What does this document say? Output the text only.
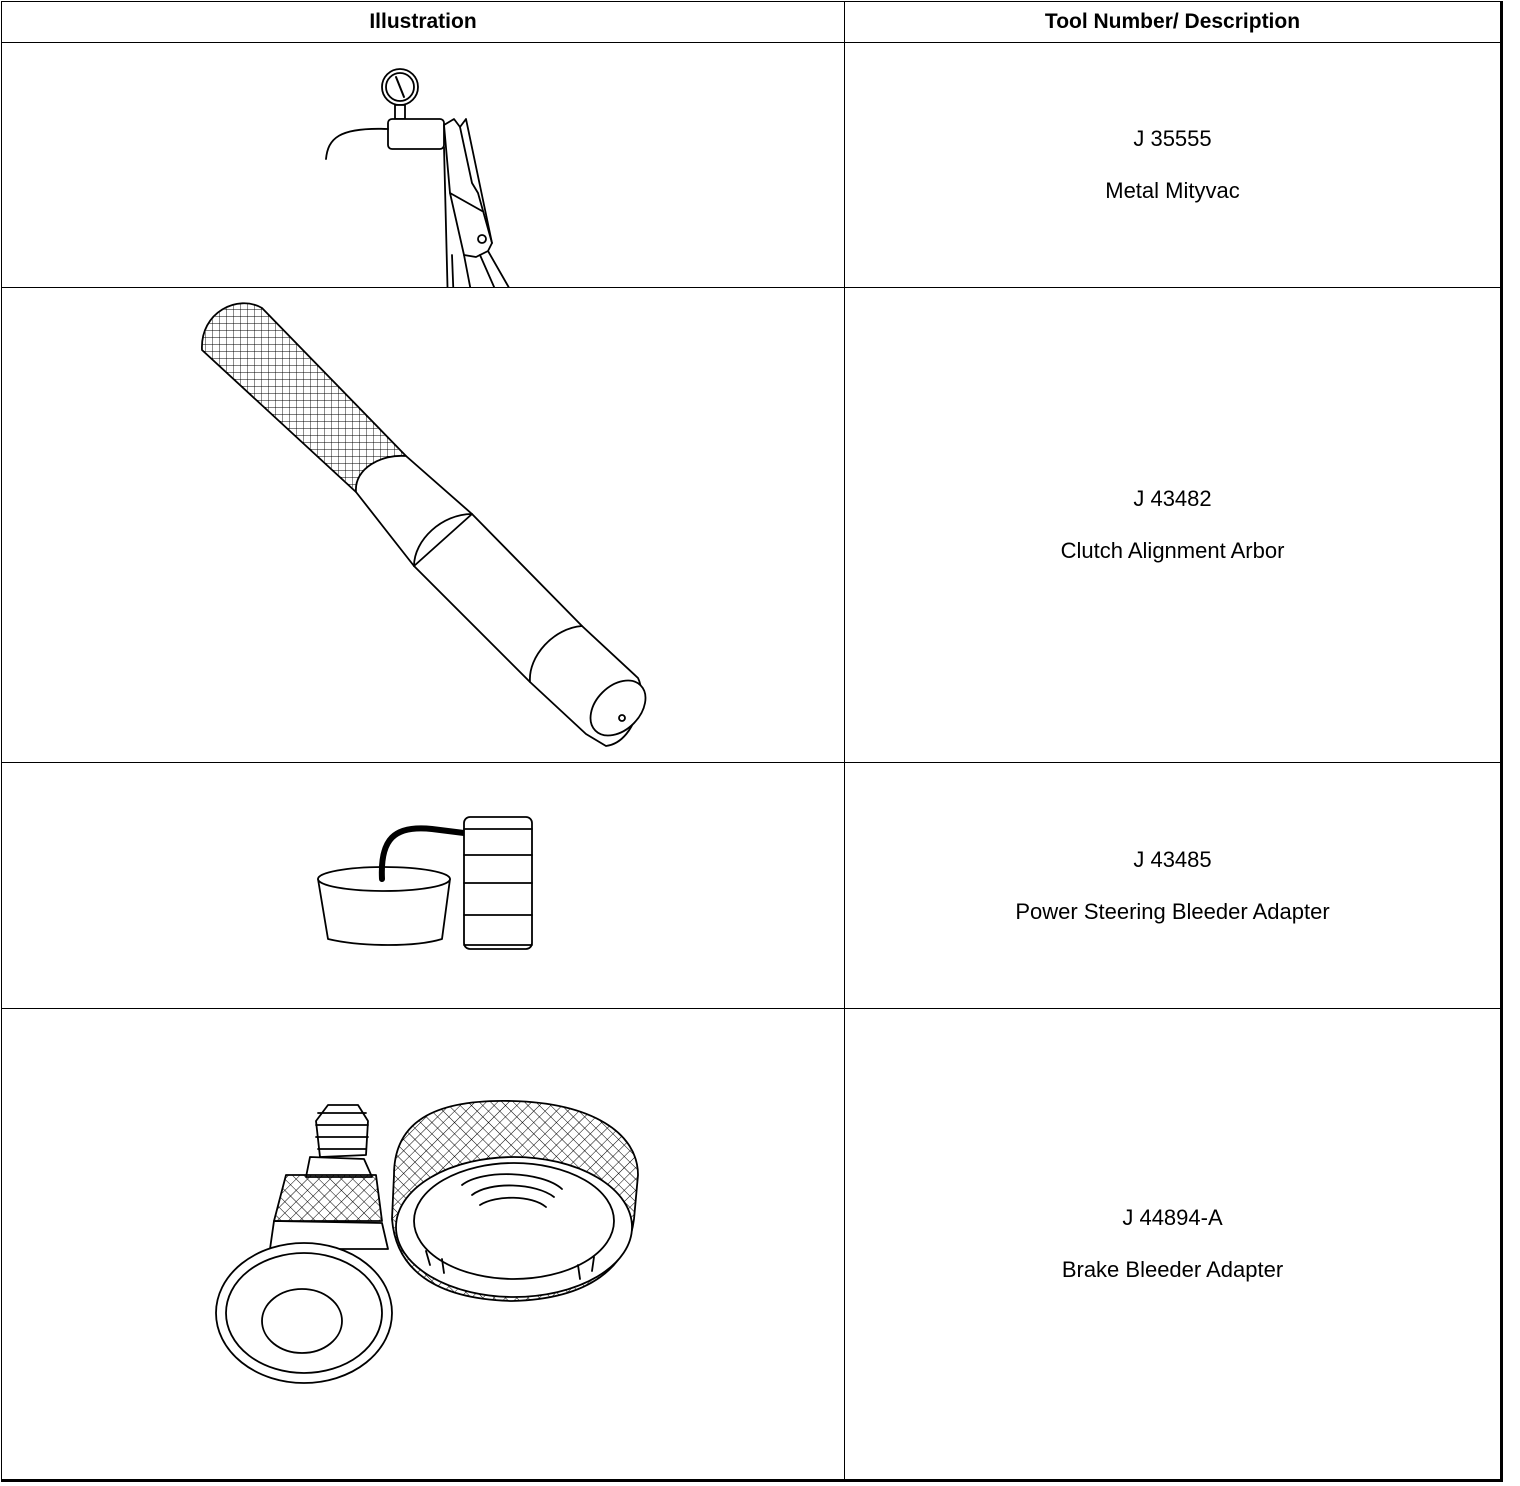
Illustration	Tool Number/ Description

J 35555
Metal Mityvac

J 43482
Clutch Alignment Arbor

J 43485
Power Steering Bleeder Adapter

J 44894-A
Brake Bleeder Adapter
